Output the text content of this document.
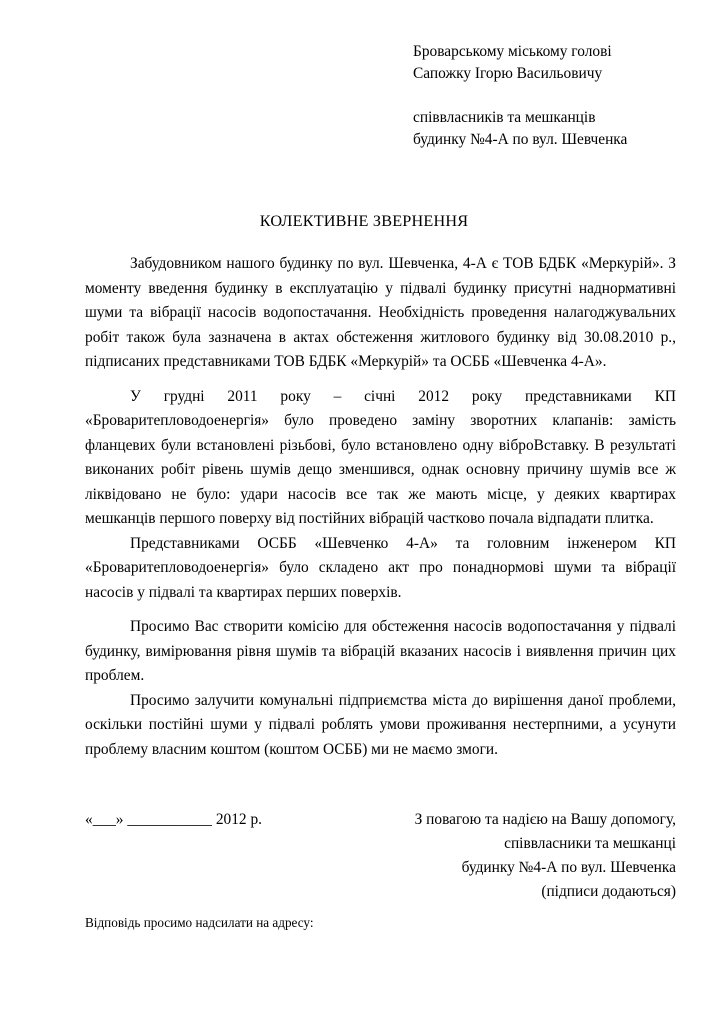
Броварському міському голові
Сапожку Ігорю Васильовичу
співвласників та мешканців
будинку №4-А по вул. Шевченка
КОЛЕКТИВНЕ ЗВЕРНЕННЯ

Забудовником нашого будинку по вул. Шевченка, 4-А є ТОВ БДБК «Меркурій». З моменту введення будинку в експлуатацію у підвалі будинку присутні наднормативні шуми та вібрації насосів водопостачання. Необхідність проведення налагоджувальних робіт також була зазначена в актах обстеження житлового будинку від 30.08.2010 р., підписаних представниками ТОВ БДБК «Меркурій» та ОСББ «Шевченка 4-А».

У грудні 2011 року – січні 2012 року представниками КП «Броваритепловодоенергія» було проведено заміну зворотних клапанів: замість фланцевих були встановлені різьбові, було встановлено одну віброВставку. В результаті виконаних робіт рівень шумів дещо зменшився, однак основну причину шумів все ж ліквідовано не було: удари насосів все так же мають місце, у деяких квартирах мешканців першого поверху від постійних вібрацій частково почала відпадати плитка.

Представниками ОСББ «Шевченко 4-А» та головним інженером КП «Броваритепловодоенергія» було складено акт про понаднормові шуми та вібрації насосів у підвалі та квартирах перших поверхів.

Просимо Вас створити комісію для обстеження насосів водопостачання у підвалі будинку, вимірювання рівня шумів та вібрацій вказаних насосів і виявлення причин цих проблем.

Просимо залучити комунальні підприємства міста до вирішення даної проблеми, оскільки постійні шуми у підвалі роблять умови проживання нестерпними, а усунути проблему власним коштом (коштом ОСББ) ми не маємо змоги.

«___» ___________ 2012 р.	З повагою та надією на Вашу допомогу,
співвласники та мешканці
будинку №4-А по вул. Шевченка
(підписи додаються)
Відповідь просимо надсилати на адресу:
